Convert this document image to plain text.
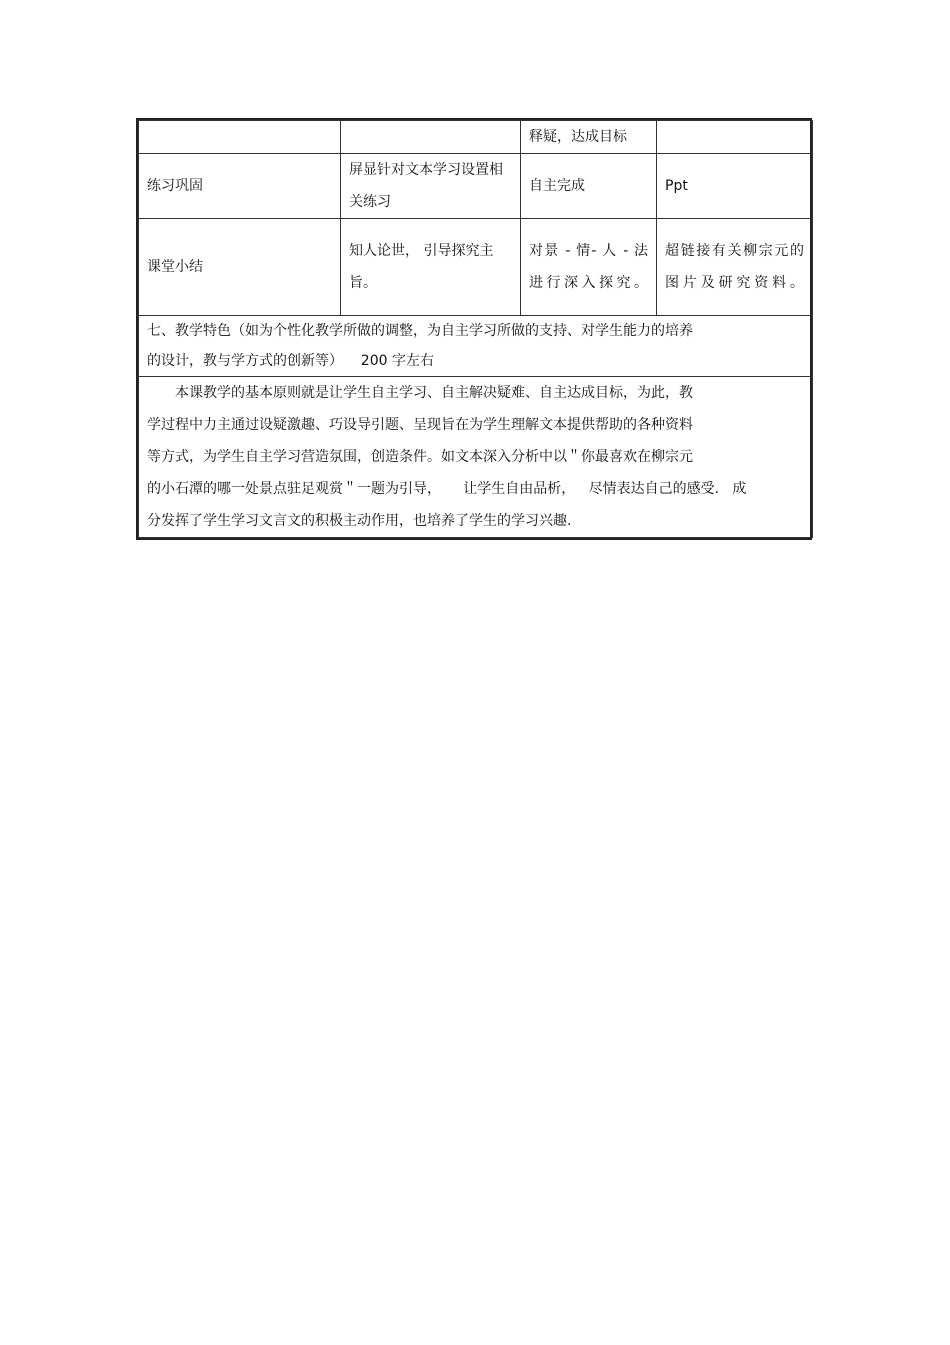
		释疑，达成目标	
练习巩固	屏显针对文本学习设置相关练习	自主完成	Ppt
课堂小结	知人论世， 引导探究主旨。	对景 - 情- 人 - 法进行深入探究。	超链接有关柳宗元的图片及研究资料。

七、教学特色（如为个性化教学所做的调整，为自主学习所做的支持、对学生能力的培养
的设计，教与学方式的创新等）    200 字左右			

本课教学的基本原则就是让学生自主学习、自主解决疑难、自主达成目标，为此，教
学过程中力主通过设疑激趣、巧设导引题、呈现旨在为学生理解文本提供帮助的各种资料
等方式，为学生自主学习营造氛围，创造条件。如文本深入分析中以＂你最喜欢在柳宗元
的小石潭的哪一处景点驻足观赏＂一题为引导，     让学生自由品析，   尽情表达自己的感受.   成
分发挥了学生学习文言文的积极主动作用，也培养了学生的学习兴趣.			
